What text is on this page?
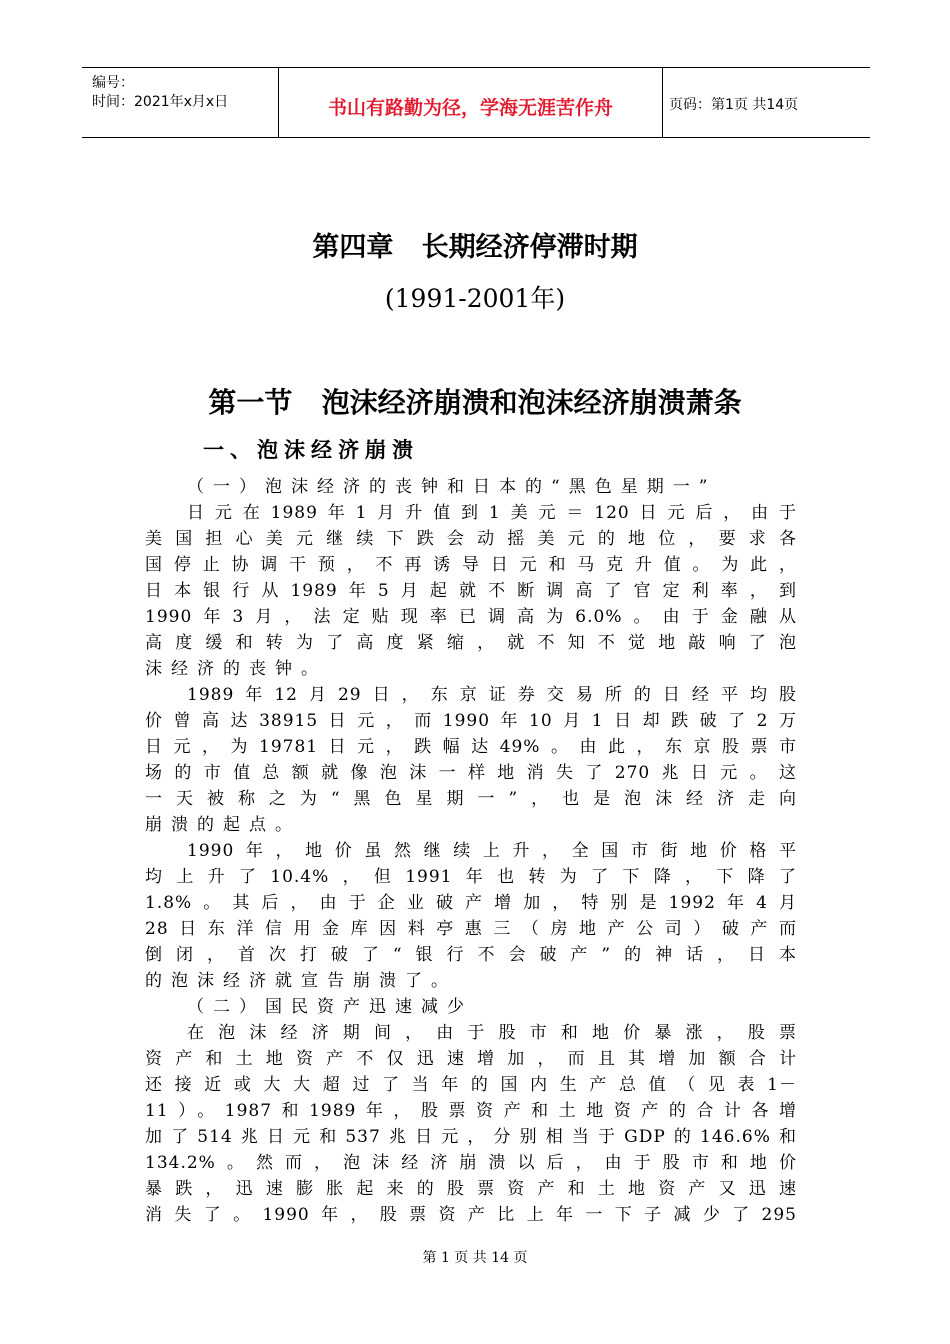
编号：
时间：2021年x月x日	书山有路勤为径，学海无涯苦作舟	页码：第1页 共14页
第四章   长期经济停滞时期
(1991-2001年)
第一节   泡沫经济崩溃和泡沫经济崩溃萧条
一、泡沫经济崩溃
（一）泡沫经济的丧钟和日本的“黑色星期一”
日元在1989年1月升值到1美元＝120日元后，由于
美国担心美元继续下跌会动摇美元的地位，要求各
国停止协调干预，不再诱导日元和马克升值。为此，
日本银行从1989年5月起就不断调高了官定利率，到
1990年3月，法定贴现率已调高为6.0%。由于金融从
高度缓和转为了高度紧缩，就不知不觉地敲响了泡
沫经济的丧钟。
1989年12月29日，东京证券交易所的日经平均股
价曾高达38915日元，而1990年10月1日却跌破了2万
日元，为19781日元，跌幅达49%。由此，东京股票市
场的市值总额就像泡沫一样地消失了270兆日元。这
一天被称之为“黑色星期一”，也是泡沫经济走向
崩溃的起点。
1990年，地价虽然继续上升，全国市街地价格平
均上升了10.4%，但1991年也转为了下降，下降了
1.8%。其后，由于企业破产增加，特别是1992年4月
28日东洋信用金库因料亭惠三（房地产公司）破产而
倒闭，首次打破了“银行不会破产”的神话，日本
的泡沫经济就宣告崩溃了。
（二）国民资产迅速减少
在泡沫经济期间，由于股市和地价暴涨，股票
资产和土地资产不仅迅速增加，而且其增加额合计
还接近或大大超过了当年的国内生产总值（见表1－
11）。1987和1989年，股票资产和土地资产的合计各增
加了514兆日元和537兆日元，分别相当于GDP的146.6%和
134.2%。然而，泡沫经济崩溃以后，由于股市和地价
暴跌，迅速膨胀起来的股票资产和土地资产又迅速
消失了。1990年，股票资产比上年一下子减少了295
第 1 页 共 14 页
